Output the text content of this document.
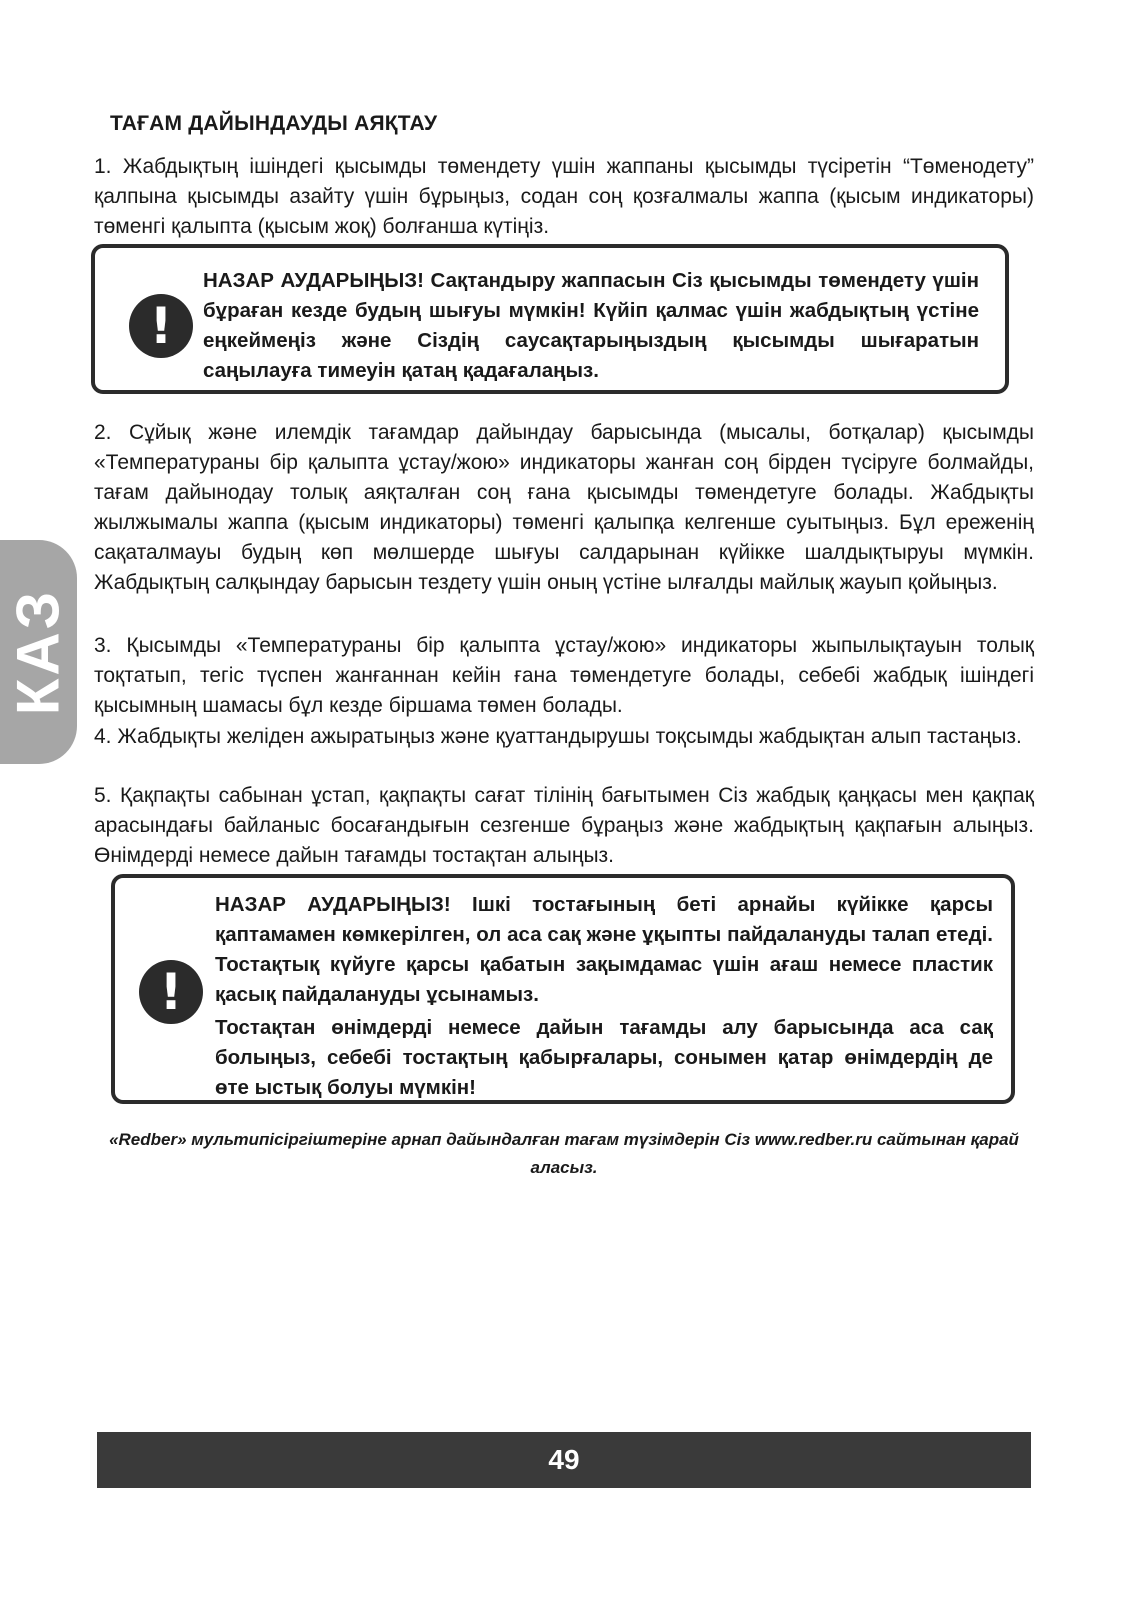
ТАҒАМ ДАЙЫНДАУДЫ АЯҚТАУ

1. Жабдықтың ішіндегі қысымды төмендету үшін жаппаны қысымды түсіретін “Төменодету” қалпына қысымды азайту үшін бұрыңыз, содан соң қозғалмалы жаппа (қысым индикаторы) төменгі қалыпта (қысым жоқ) болғанша күтіңіз.

!

НАЗАР АУДАРЫҢЫЗ! Сақтандыру жаппасын Сіз қысымды төмендету үшін бұраған кезде будың шығуы мүмкін! Күйіп қалмас үшін жабдықтың үстіне еңкеймеңіз және Сіздің саусақтарыңыздың қысымды шығаратын саңылауға тимеуін қатаң қадағалаңыз.

2. Сұйық және илемдік тағамдар дайындау барысында (мысалы, ботқалар) қысымды «Температураны бір қалыпта ұстау/жою» индикаторы жанған соң бірден түсіруге болмайды, тағам дайынодау толық аяқталған соң ғана қысымды төмендетуге болады. Жабдықты жылжымалы жаппа (қысым индикаторы) төменгі қалыпқа келгенше суытыңыз. Бұл ереженің сақаталмауы будың көп мөлшерде шығуы салдарынан күйікке шалдықтыруы мүмкін. Жабдықтың салқындау барысын тездету үшін оның үстіне ылғалды майлық жауып қойыңыз.

3. Қысымды «Температураны бір қалыпта ұстау/жою» индикаторы жыпылықтауын толық тоқтатып, тегіс түспен жанғаннан кейін ғана төмендетуге болады, себебі жабдық ішіндегі қысымның шамасы бұл кезде біршама төмен болады.

4. Жабдықты желіден ажыратыңыз және қуаттандырушы тоқсымды жабдықтан алып тастаңыз.

5. Қақпақты сабынан ұстап, қақпақты сағат тілінің бағытымен Сіз жабдық қаңқасы мен қақпақ арасындағы байланыс босағандығын сезгенше бұраңыз және жабдықтың қақпағын алыңыз. Өнімдерді немесе дайын тағамды тостақтан алыңыз.

!

НАЗАР АУДАРЫҢЫЗ! Ішкі тостағының беті арнайы күйікке қарсы қаптамамен көмкерілген, ол аса сақ және ұқыпты пайдалануды талап етеді. Тостақтық күйуге қарсы қабатын зақымдамас үшін ағаш немесе пластик қасық пайдалануды ұсынамыз.

Тостақтан өнімдерді немесе дайын тағамды алу барысында аса сақ болыңыз, себебі тостақтың қабырғалары, сонымен қатар өнімдердің де өте ыстық болуы мүмкін!

«Redber» мультипісіргіштеріне арнап дайындалған тағам түзімдерін Сіз www.redber.ru сайтынан қарай аласыз.

КАЗ
49
